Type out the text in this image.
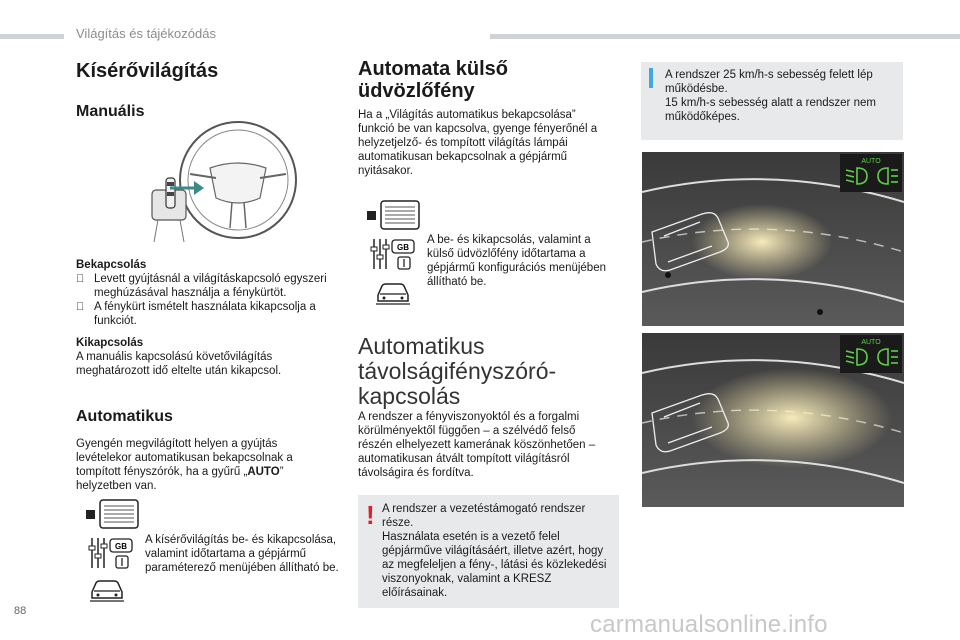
Világítás és tájékozódás
Kísérővilágítás
Manuális
Bekapcsolás
Levett gyújtásnál a világításkapcsoló egyszeri meghúzásával használja a fénykürtöt.
A fénykürt ismételt használata kikapcsolja a funkciót.
Kikapcsolás
A manuális kapcsolású követővilágítás meghatározott idő eltelte után kikapcsol.
Automatikus
Gyengén megvilágított helyen a gyújtás levételekor automatikusan bekapcsolnak a tompított fényszórók, ha a gyűrű „AUTO” helyzetben van.
GB
A kísérővilágítás be- és kikapcsolása, valamint időtartama a gépjármű paraméterező menüjében állítható be.
Automata külső üdvözlőfény
Ha a „Világítás automatikus bekapcsolása” funkció be van kapcsolva, gyenge fényerőnél a helyzetjelző- és tompított világítás lámpái automatikusan bekapcsolnak a gépjármű nyitásakor.
GB
A be- és kikapcsolás, valamint a külső üdvözlőfény időtartama a gépjármű konfigurációs menüjében állítható be.
Automatikus távolságifényszóró-kapcsolás
A rendszer a fényviszonyoktól és a forgalmi körülményektől függően – a szélvédő felső részén elhelyezett kamerának köszönhetően – automatikusan átvált tompított világításról távolságira és fordítva.
! A rendszer a vezetéstámogató rendszer része.
Használata esetén is a vezető felel gépjárművе világításáért, illetve azért, hogy az megfeleljen a fény-, látási és közlekedési viszonyoknak, valamint a KRESZ előírásainak.
A rendszer 25 km/h-s sebesség felett lép működésbe.
15 km/h-s sebesség alatt a rendszer nem működőképes.
AUTO
AUTO
88	carmanualsonline.info
